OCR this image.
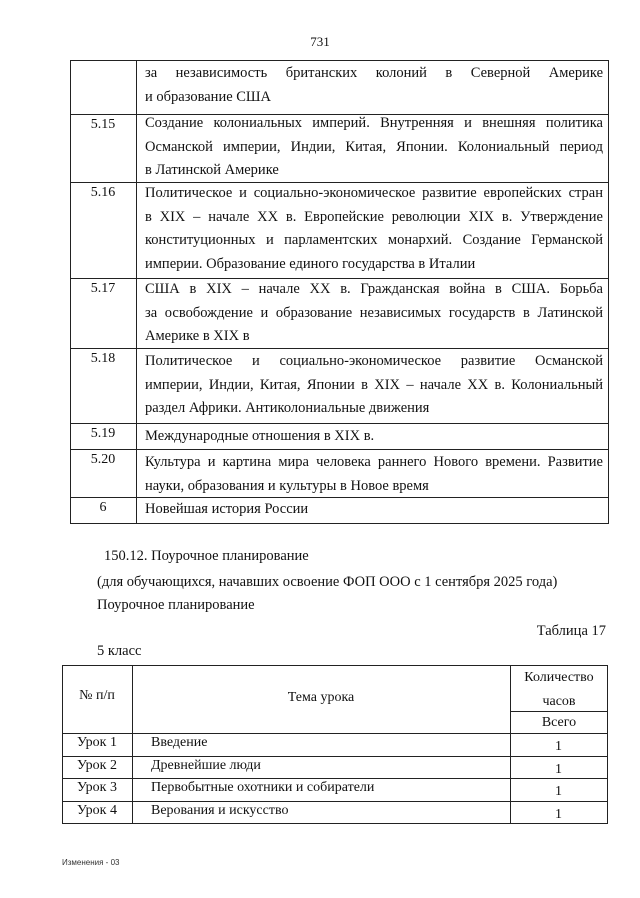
731
за независимость британских колоний в Северной Америке
и образование США
5.15	Создание колониальных империй. Внутренняя и внешняя политика
Османской империи, Индии, Китая, Японии. Колониальный период
в Латинской Америке
5.16	Политическое и социально-экономическое развитие европейских стран
в XIX – начале XX в. Европейские революции XIX в. Утверждение
конституционных и парламентских монархий. Создание Германской
империи. Образование единого государства в Италии
5.17	США в XIX – начале XX в. Гражданская война в США. Борьба
за освобождение и образование независимых государств в Латинской
Америке в XIX в
5.18	Политическое и социально-экономическое развитие Османской
империи, Индии, Китая, Японии в XIX – начале XX в. Колониальный
раздел Африки. Антиколониальные движения
5.19	Международные отношения в XIX в.
5.20	Культура и картина мира человека раннего Нового времени. Развитие
науки, образования и культуры в Новое время
6	Новейшая история России
150.12. Поурочное планирование
(для обучающихся, начавших освоение ФОП ООО с 1 сентября 2025 года)
Поурочное планирование
Таблица 17
5 класс
№ п/п	Тема урока
Количество
часов
Всего
Урок 1	Введение	1
Урок 2	Древнейшие люди	1
Урок 3	Первобытные охотники и собиратели	1
Урок 4	Верования и искусство	1
Изменения - 03
